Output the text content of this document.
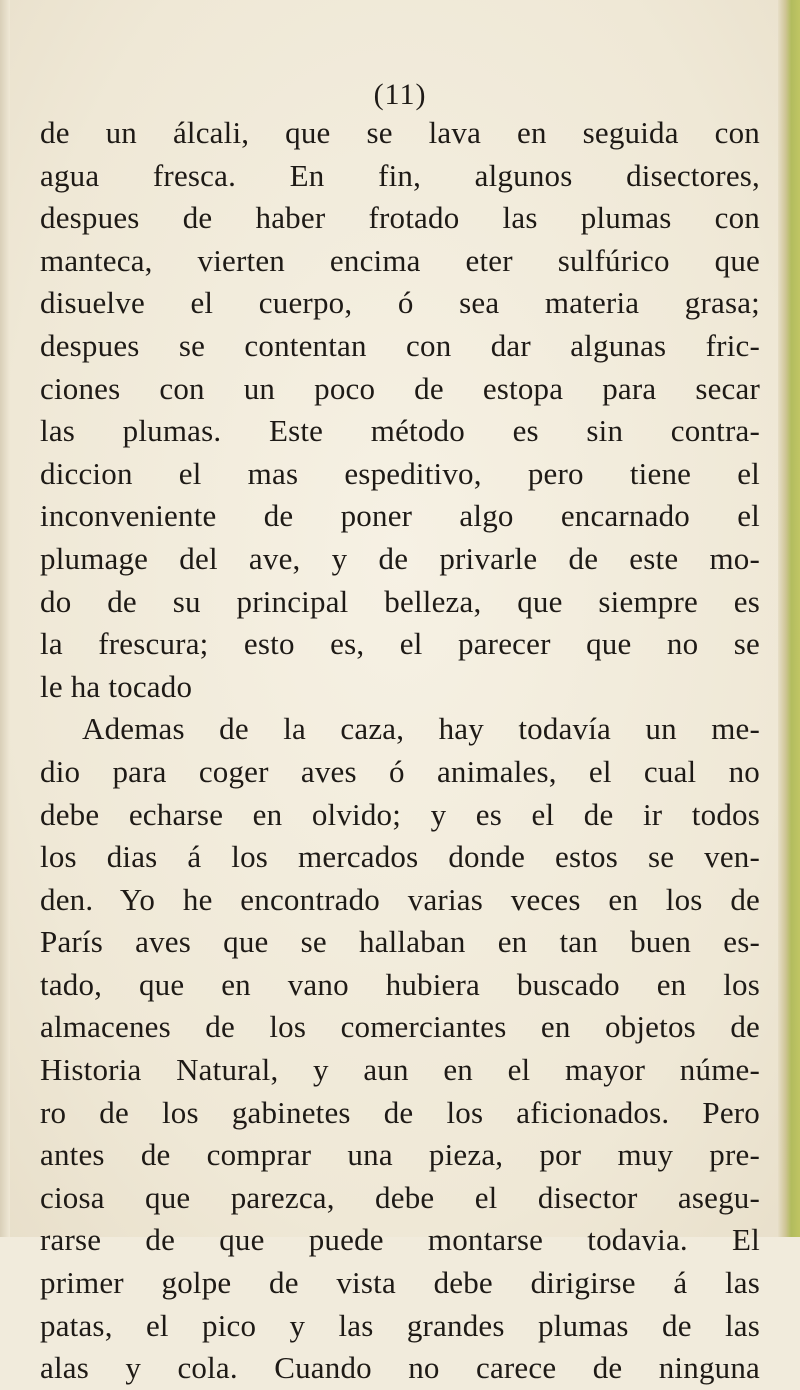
(11)
de un álcali, que se lava en seguida con
agua fresca. En fin, algunos disectores,
despues de haber frotado las plumas con
manteca, vierten encima eter sulfúrico que
disuelve el cuerpo, ó sea materia grasa;
despues se contentan con dar algunas fric-
ciones con un poco de estopa para secar
las plumas. Este método es sin contra-
diccion el mas espeditivo, pero tiene el
inconveniente de poner algo encarnado el
plumage del ave, y de privarle de este mo-
do de su principal belleza, que siempre es
la frescura; esto es, el parecer que no se
le ha tocado
Ademas de la caza, hay todavía un me-
dio para coger aves ó animales, el cual no
debe echarse en olvido; y es el de ir todos
los dias á los mercados donde estos se ven-
den. Yo he encontrado varias veces en los de
París aves que se hallaban en tan buen es-
tado, que en vano hubiera buscado en los
almacenes de los comerciantes en objetos de
Historia Natural, y aun en el mayor núme-
ro de los gabinetes de los aficionados. Pero
antes de comprar una pieza, por muy pre-
ciosa que parezca, debe el disector asegu-
rarse de que puede montarse todavia. El
primer golpe de vista debe dirigirse á las
patas, el pico y las grandes plumas de las
alas y cola. Cuando no carece de ninguna
